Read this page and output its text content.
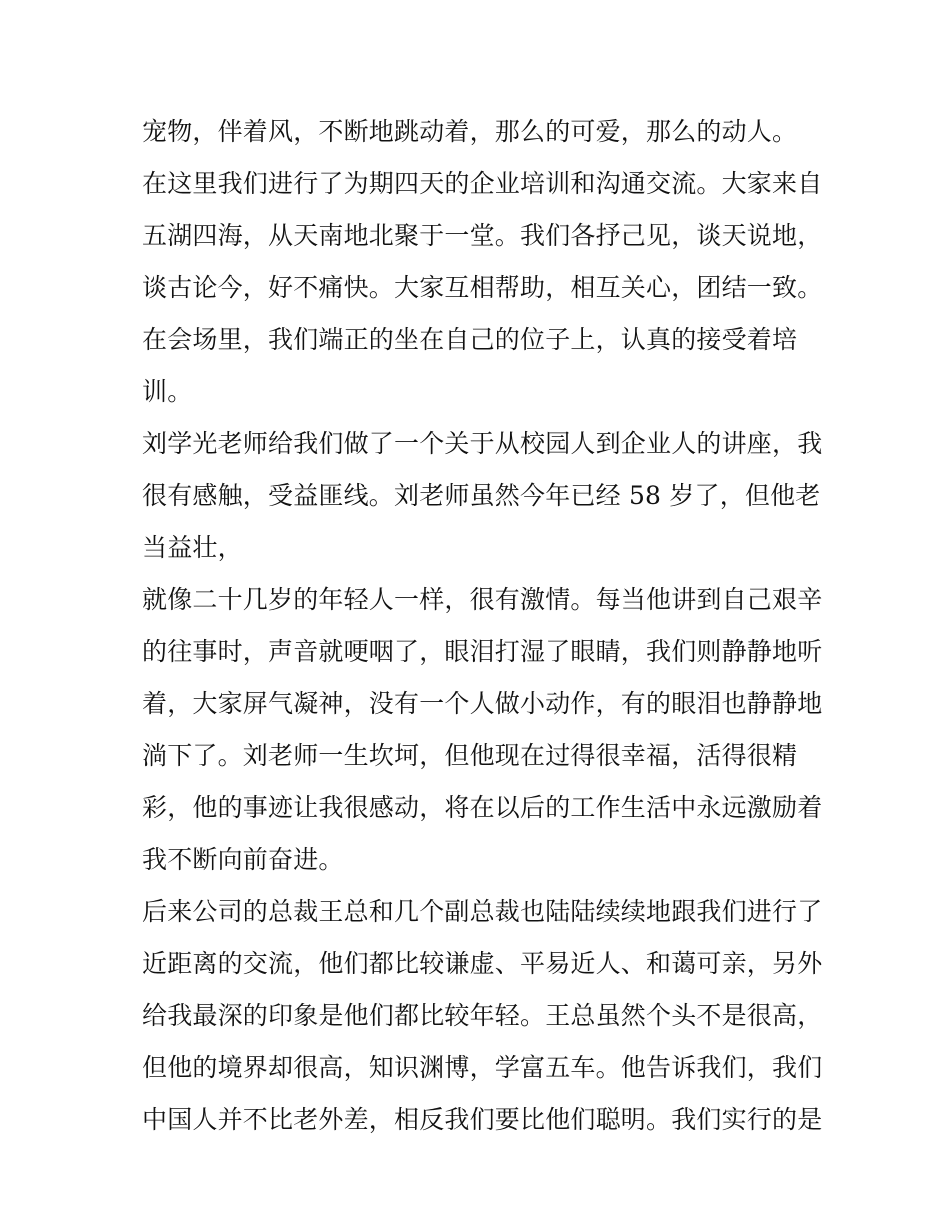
宠物，伴着风，不断地跳动着，那么的可爱，那么的动人。
在这里我们进行了为期四天的企业培训和沟通交流。大家来自
五湖四海，从天南地北聚于一堂。我们各抒己见，谈天说地，
谈古论今，好不痛快。大家互相帮助，相互关心，团结一致。
在会场里，我们端正的坐在自己的位子上，认真的接受着培
训。
刘学光老师给我们做了一个关于从校园人到企业人的讲座，我
很有感触，受益匪线。刘老师虽然今年已经 58 岁了，但他老
当益壮，
就像二十几岁的年轻人一样，很有激情。每当他讲到自己艰辛
的往事时，声音就哽咽了，眼泪打湿了眼睛，我们则静静地听
着，大家屏气凝神，没有一个人做小动作，有的眼泪也静静地
淌下了。刘老师一生坎坷，但他现在过得很幸福，活得很精
彩，他的事迹让我很感动，将在以后的工作生活中永远激励着
我不断向前奋进。
后来公司的总裁王总和几个副总裁也陆陆续续地跟我们进行了
近距离的交流，他们都比较谦虚、平易近人、和蔼可亲，另外
给我最深的印象是他们都比较年轻。王总虽然个头不是很高，
但他的境界却很高，知识渊博，学富五车。他告诉我们，我们
中国人并不比老外差，相反我们要比他们聪明。我们实行的是
